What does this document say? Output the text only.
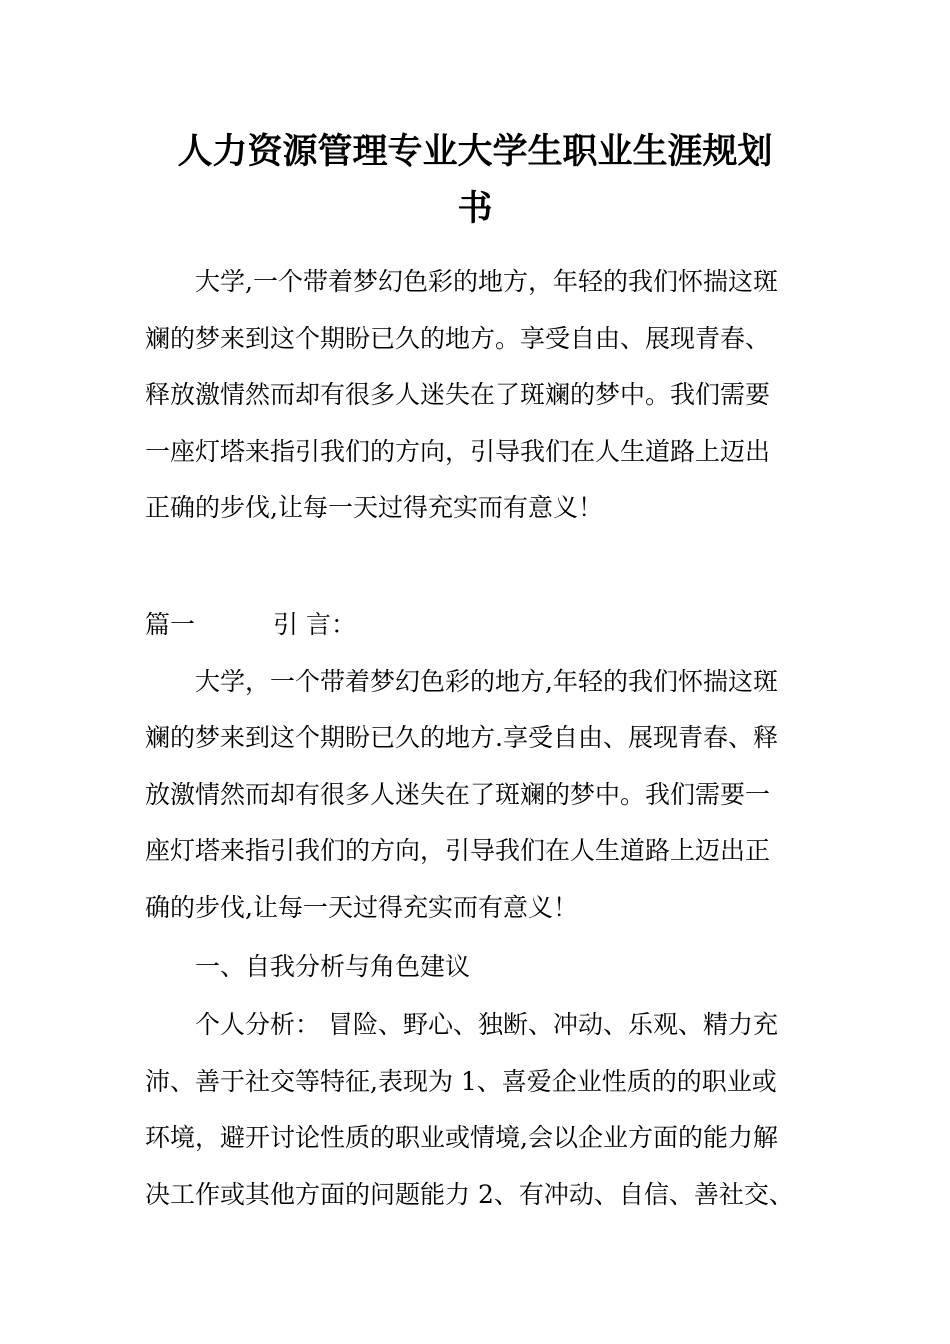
人力资源管理专业大学生职业生涯规划
书

大学,一个带着梦幻色彩的地方，年轻的我们怀揣这斑

斓的梦来到这个期盼已久的地方。享受自由、展现青春、

释放激情然而却有很多人迷失在了斑斓的梦中。我们需要

一座灯塔来指引我们的方向，引导我们在人生道路上迈出

正确的步伐,让每一天过得充实而有意义！

篇一	引 言：

大学，一个带着梦幻色彩的地方,年轻的我们怀揣这斑

斓的梦来到这个期盼已久的地方.享受自由、展现青春、释

放激情然而却有很多人迷失在了斑斓的梦中。我们需要一

座灯塔来指引我们的方向，引导我们在人生道路上迈出正

确的步伐,让每一天过得充实而有意义！

一、自我分析与角色建议

个人分析： 冒险、野心、独断、冲动、乐观、精力充

沛、善于社交等特征,表现为 1、喜爱企业性质的的职业或

环境，避开讨论性质的职业或情境,会以企业方面的能力解

决工作或其他方面的问题能力 2、有冲动、自信、善社交、
